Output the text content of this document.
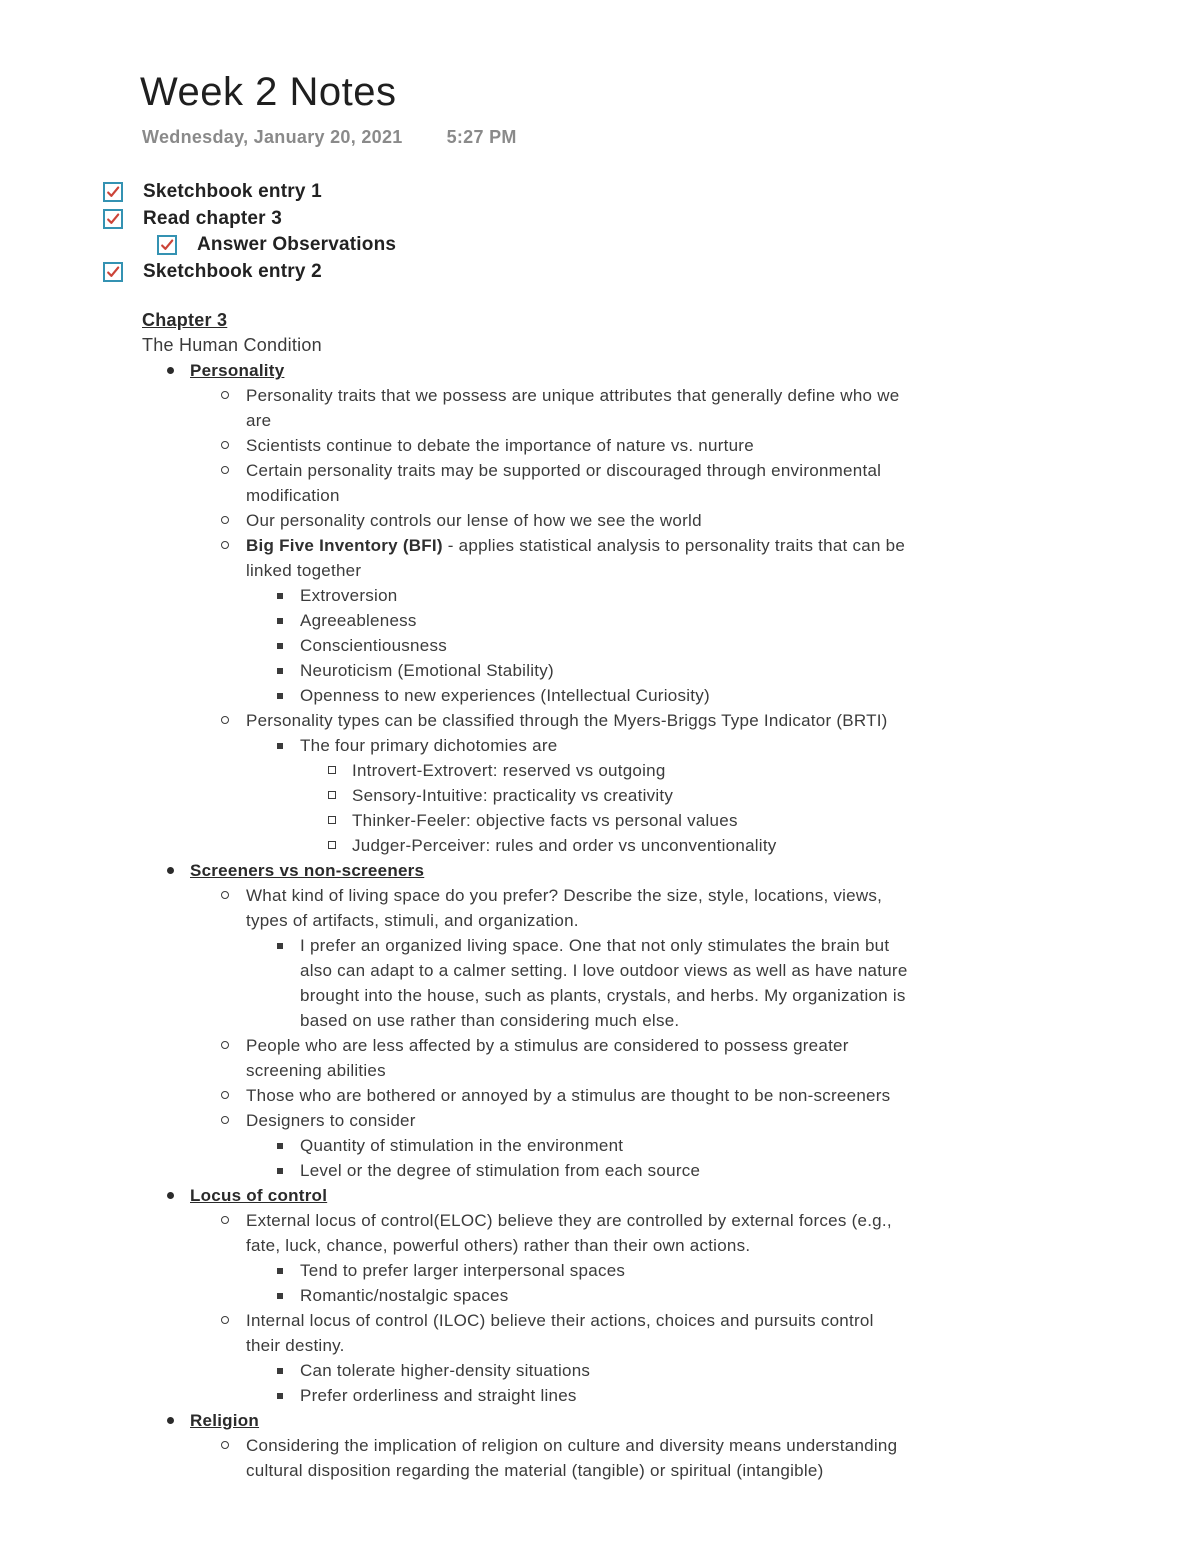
Week 2 Notes
Wednesday, January 20, 2021 5:27 PM
Sketchbook entry 1
Read chapter 3
Answer Observations
Sketchbook entry 2
Chapter 3
The Human Condition
Personality
Personality traits that we possess are unique attributes that generally define who we
are
Scientists continue to debate the importance of nature vs. nurture
Certain personality traits may be supported or discouraged through environmental
modification
Our personality controls our lense of how we see the world
Big Five Inventory (BFI) - applies statistical analysis to personality traits that can be
linked together
Extroversion
Agreeableness
Conscientiousness
Neuroticism (Emotional Stability)
Openness to new experiences (Intellectual Curiosity)
Personality types can be classified through the Myers-Briggs Type Indicator (BRTI)
The four primary dichotomies are
Introvert-Extrovert: reserved vs outgoing
Sensory-Intuitive: practicality vs creativity
Thinker-Feeler: objective facts vs personal values
Judger-Perceiver: rules and order vs unconventionality
Screeners vs non-screeners
What kind of living space do you prefer? Describe the size, style, locations, views,
types of artifacts, stimuli, and organization.
I prefer an organized living space. One that not only stimulates the brain but
also can adapt to a calmer setting. I love outdoor views as well as have nature
brought into the house, such as plants, crystals, and herbs. My organization is
based on use rather than considering much else.
People who are less affected by a stimulus are considered to possess greater
screening abilities
Those who are bothered or annoyed by a stimulus are thought to be non-screeners
Designers to consider
Quantity of stimulation in the environment
Level or the degree of stimulation from each source
Locus of control
External locus of control(ELOC) believe they are controlled by external forces (e.g.,
fate, luck, chance, powerful others) rather than their own actions.
Tend to prefer larger interpersonal spaces
Romantic/nostalgic spaces
Internal locus of control (ILOC) believe their actions, choices and pursuits control
their destiny.
Can tolerate higher-density situations
Prefer orderliness and straight lines
Religion
Considering the implication of religion on culture and diversity means understanding
cultural disposition regarding the material (tangible) or spiritual (intangible)
